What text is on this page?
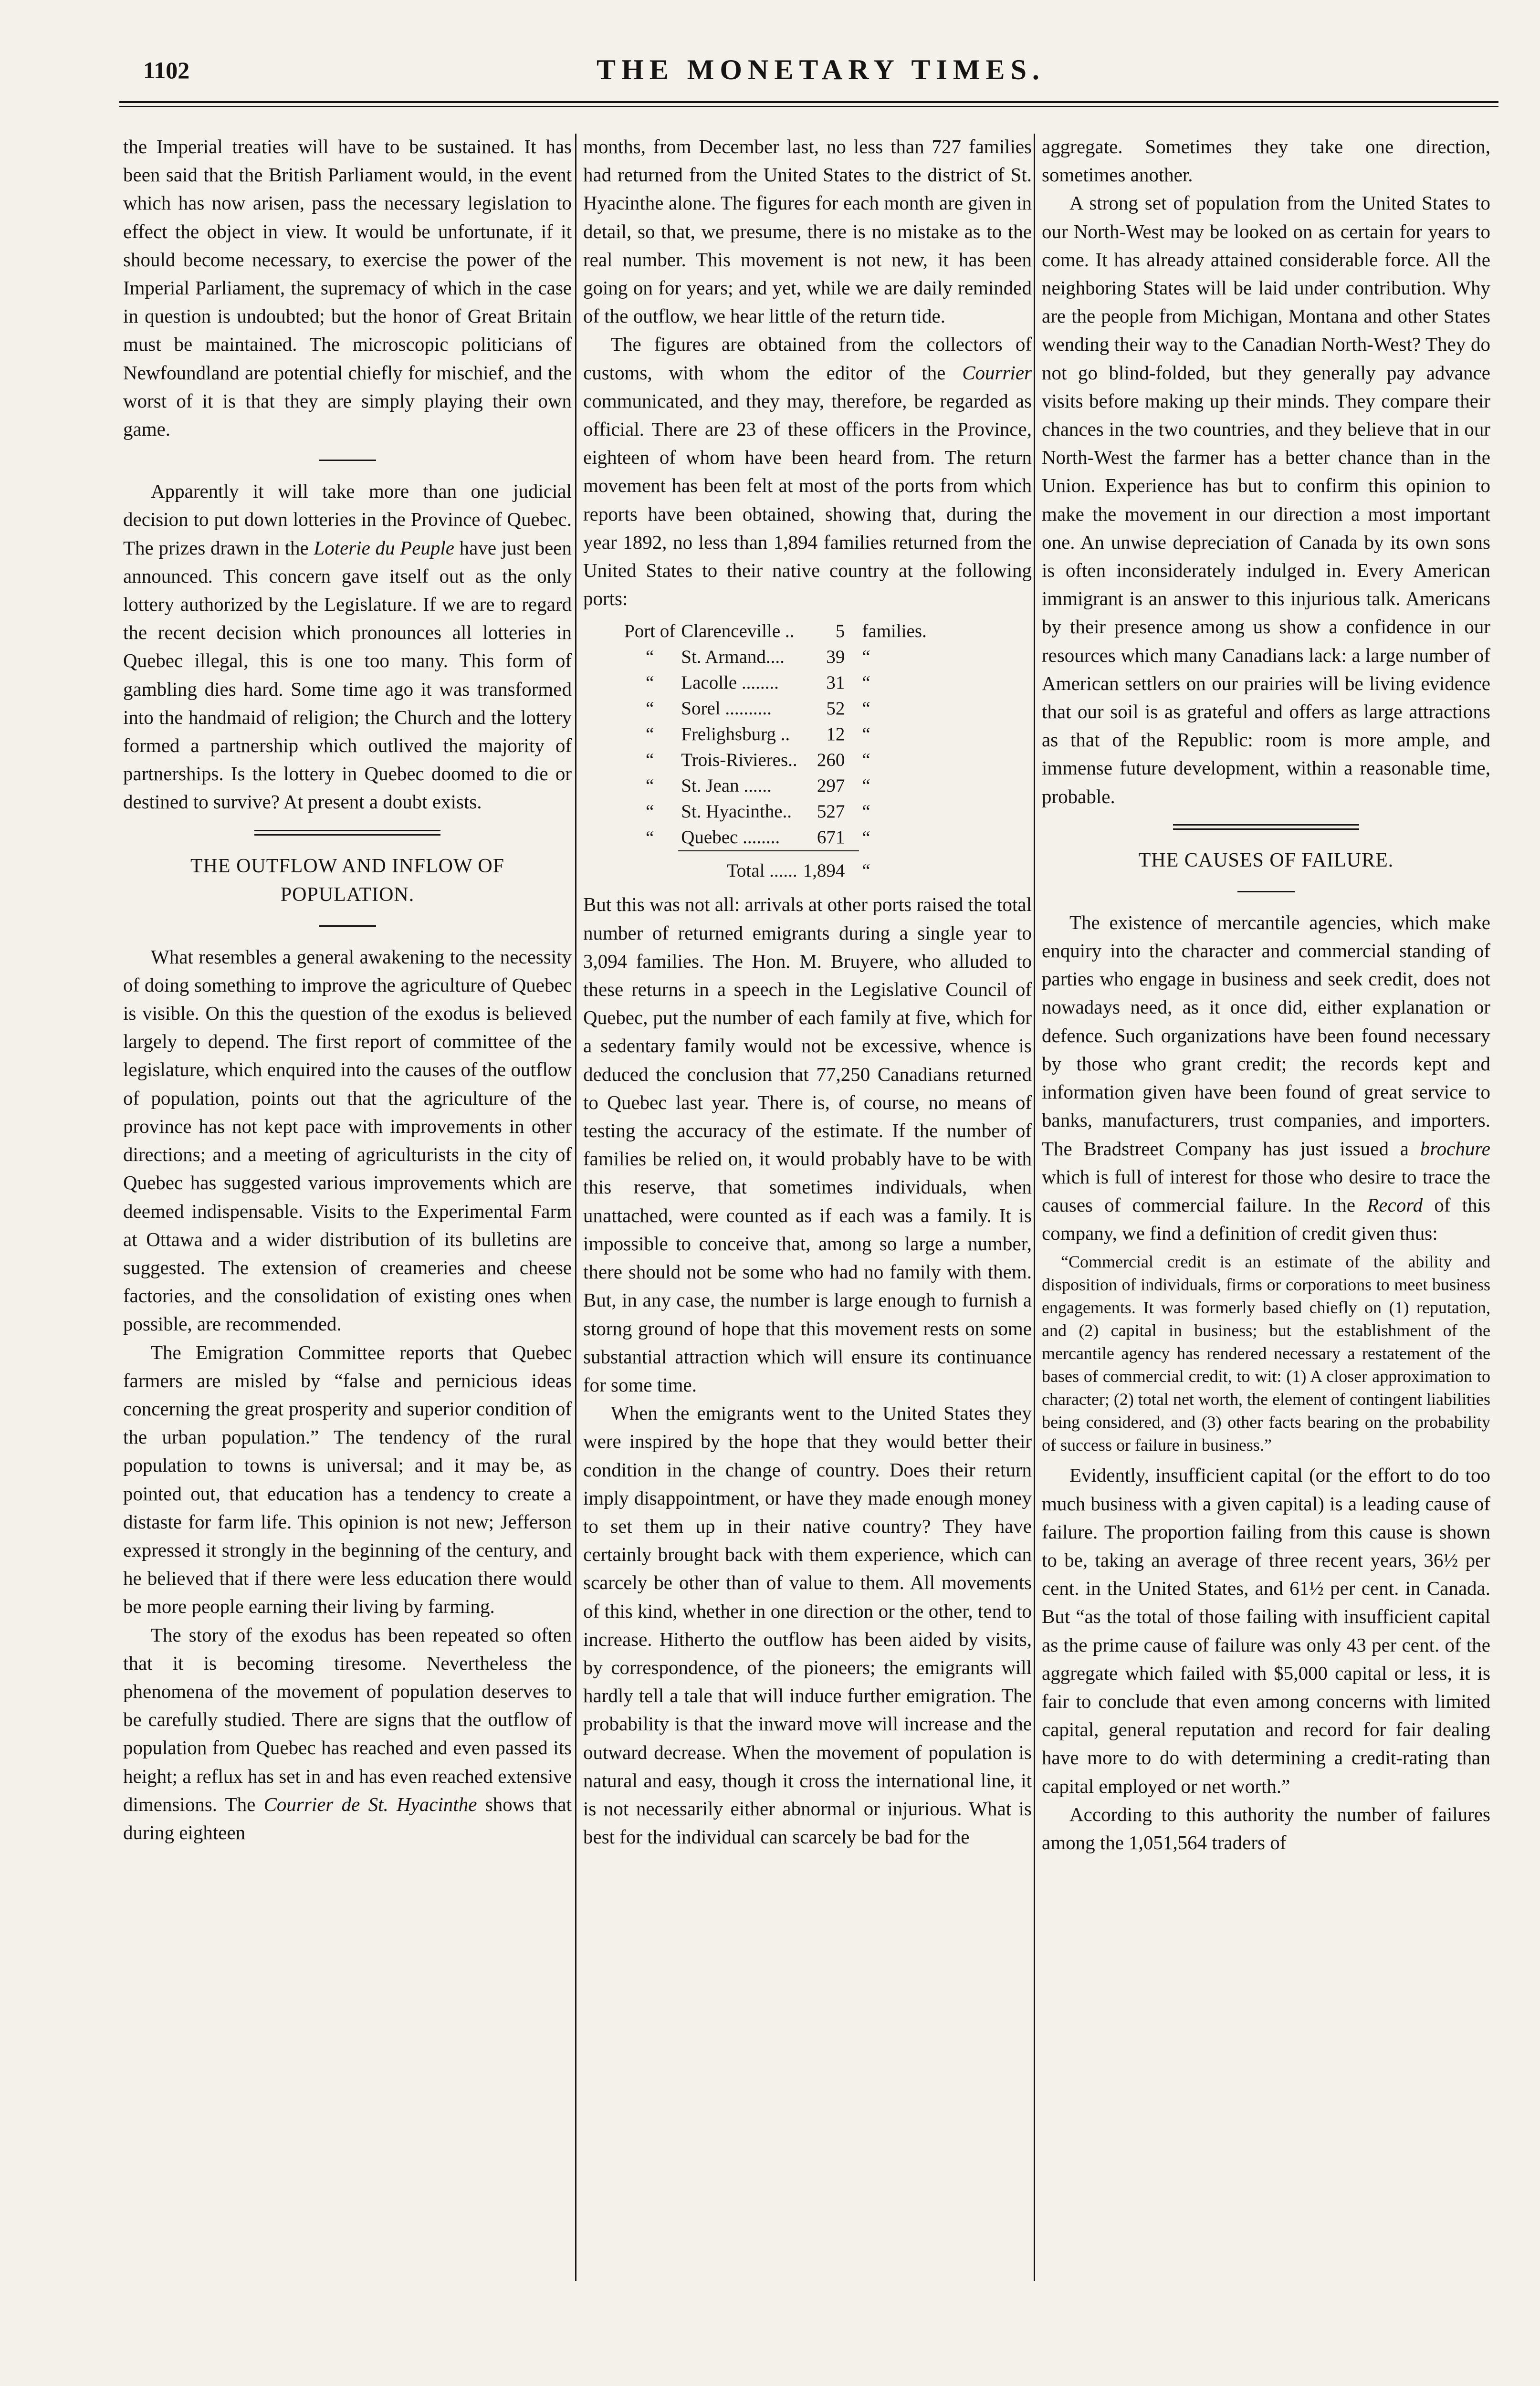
1102	THE MONETARY TIMES.

the Imperial treaties will have to be sustained. It has been said that the British Parliament would, in the event which has now arisen, pass the necessary legislation to effect the object in view. It would be unfortunate, if it should become necessary, to exercise the power of the Imperial Parliament, the supremacy of which in the case in question is undoubted; but the honor of Great Britain must be maintained. The microscopic politicians of Newfoundland are potential chiefly for mischief, and the worst of it is that they are simply playing their own game.

Apparently it will take more than one judicial decision to put down lotteries in the Province of Quebec. The prizes drawn in the Loterie du Peuple have just been announced. This concern gave itself out as the only lottery authorized by the Legislature. If we are to regard the recent decision which pronounces all lotteries in Quebec illegal, this is one too many. This form of gambling dies hard. Some time ago it was transformed into the handmaid of religion; the Church and the lottery formed a partnership which outlived the majority of partnerships. Is the lottery in Quebec doomed to die or destined to survive? At present a doubt exists.

THE OUTFLOW AND INFLOW OF POPULATION.

What resembles a general awakening to the necessity of doing something to improve the agriculture of Quebec is visible. On this the question of the exodus is believed largely to depend. The first report of committee of the legislature, which enquired into the causes of the outflow of population, points out that the agriculture of the province has not kept pace with improvements in other directions; and a meeting of agriculturists in the city of Quebec has suggested various improvements which are deemed indispensable. Visits to the Experimental Farm at Ottawa and a wider distribution of its bulletins are suggested. The extension of creameries and cheese factories, and the consolidation of existing ones when possible, are recommended.

The Emigration Committee reports that Quebec farmers are misled by “false and pernicious ideas concerning the great prosperity and superior condition of the urban population.” The tendency of the rural population to towns is universal; and it may be, as pointed out, that education has a tendency to create a distaste for farm life. This opinion is not new; Jefferson expressed it strongly in the beginning of the century, and he believed that if there were less education there would be more people earning their living by farming.

The story of the exodus has been repeated so often that it is becoming tiresome. Nevertheless the phenomena of the movement of population deserves to be carefully studied. There are signs that the outflow of population from Quebec has reached and even passed its height; a reflux has set in and has even reached extensive dimensions. The Courrier de St. Hyacinthe shows that during eighteen

months, from December last, no less than 727 families had returned from the United States to the district of St. Hyacinthe alone. The figures for each month are given in detail, so that, we presume, there is no mistake as to the real number. This movement is not new, it has been going on for years; and yet, while we are daily reminded of the outflow, we hear little of the return tide.

The figures are obtained from the collectors of customs, with whom the editor of the Courrier communicated, and they may, therefore, be regarded as official. There are 23 of these officers in the Province, eighteen of whom have been heard from. The return movement has been felt at most of the ports from which reports have been obtained, showing that, during the year 1892, no less than 1,894 families returned from the United States to their native country at the following ports:

Port of	Clarenceville ..	5	families.
“	St. Armand....	39	“
“	Lacolle ........	31	“
“	Sorel ..........	52	“
“	Frelighsburg ..	12	“
“	Trois-Rivieres..	260	“
“	St. Jean ......	297	“
“	St. Hyacinthe..	527	“
“	Quebec ........	671	“
	Total ......	1,894	“

But this was not all: arrivals at other ports raised the total number of returned emigrants during a single year to 3,094 families. The Hon. M. Bruyere, who alluded to these returns in a speech in the Legislative Council of Quebec, put the number of each family at five, which for a sedentary family would not be excessive, whence is deduced the conclusion that 77,250 Canadians returned to Quebec last year. There is, of course, no means of testing the accuracy of the estimate. If the number of families be relied on, it would probably have to be with this reserve, that sometimes individuals, when unattached, were counted as if each was a family. It is impossible to conceive that, among so large a number, there should not be some who had no family with them. But, in any case, the number is large enough to furnish a storng ground of hope that this movement rests on some substantial attraction which will ensure its continuance for some time.

When the emigrants went to the United States they were inspired by the hope that they would better their condition in the change of country. Does their return imply disappointment, or have they made enough money to set them up in their native country? They have certainly brought back with them experience, which can scarcely be other than of value to them. All movements of this kind, whether in one direction or the other, tend to increase. Hitherto the outflow has been aided by visits, by correspondence, of the pioneers; the emigrants will hardly tell a tale that will induce further emigration. The probability is that the inward move will increase and the outward decrease. When the movement of population is natural and easy, though it cross the international line, it is not necessarily either abnormal or injurious. What is best for the individual can scarcely be bad for the

aggregate. Sometimes they take one direction, sometimes another.

A strong set of population from the United States to our North-West may be looked on as certain for years to come. It has already attained considerable force. All the neighboring States will be laid under contribution. Why are the people from Michigan, Montana and other States wending their way to the Canadian North-West? They do not go blind-folded, but they generally pay advance visits before making up their minds. They compare their chances in the two countries, and they believe that in our North-West the farmer has a better chance than in the Union. Experience has but to confirm this opinion to make the movement in our direction a most important one. An unwise depreciation of Canada by its own sons is often inconsiderately indulged in. Every American immigrant is an answer to this injurious talk. Americans by their presence among us show a confidence in our resources which many Canadians lack: a large number of American settlers on our prairies will be living evidence that our soil is as grateful and offers as large attractions as that of the Republic: room is more ample, and immense future development, within a reasonable time, probable.

THE CAUSES OF FAILURE.

The existence of mercantile agencies, which make enquiry into the character and commercial standing of parties who engage in business and seek credit, does not nowadays need, as it once did, either explanation or defence. Such organizations have been found necessary by those who grant credit; the records kept and information given have been found of great service to banks, manufacturers, trust companies, and importers. The Bradstreet Company has just issued a brochure which is full of interest for those who desire to trace the causes of commercial failure. In the Record of this company, we find a definition of credit given thus:

“Commercial credit is an estimate of the ability and disposition of individuals, firms or corporations to meet business engagements. It was formerly based chiefly on (1) reputation, and (2) capital in business; but the establishment of the mercantile agency has rendered necessary a restatement of the bases of commercial credit, to wit: (1) A closer approximation to character; (2) total net worth, the element of contingent liabilities being considered, and (3) other facts bearing on the probability of success or failure in business.”

Evidently, insufficient capital (or the effort to do too much business with a given capital) is a leading cause of failure. The proportion failing from this cause is shown to be, taking an average of three recent years, 36½ per cent. in the United States, and 61½ per cent. in Canada. But “as the total of those failing with insufficient capital as the prime cause of failure was only 43 per cent. of the aggregate which failed with $5,000 capital or less, it is fair to conclude that even among concerns with limited capital, general reputation and record for fair dealing have more to do with determining a credit-rating than capital employed or net worth.”

According to this authority the number of failures among the 1,051,564 traders of
